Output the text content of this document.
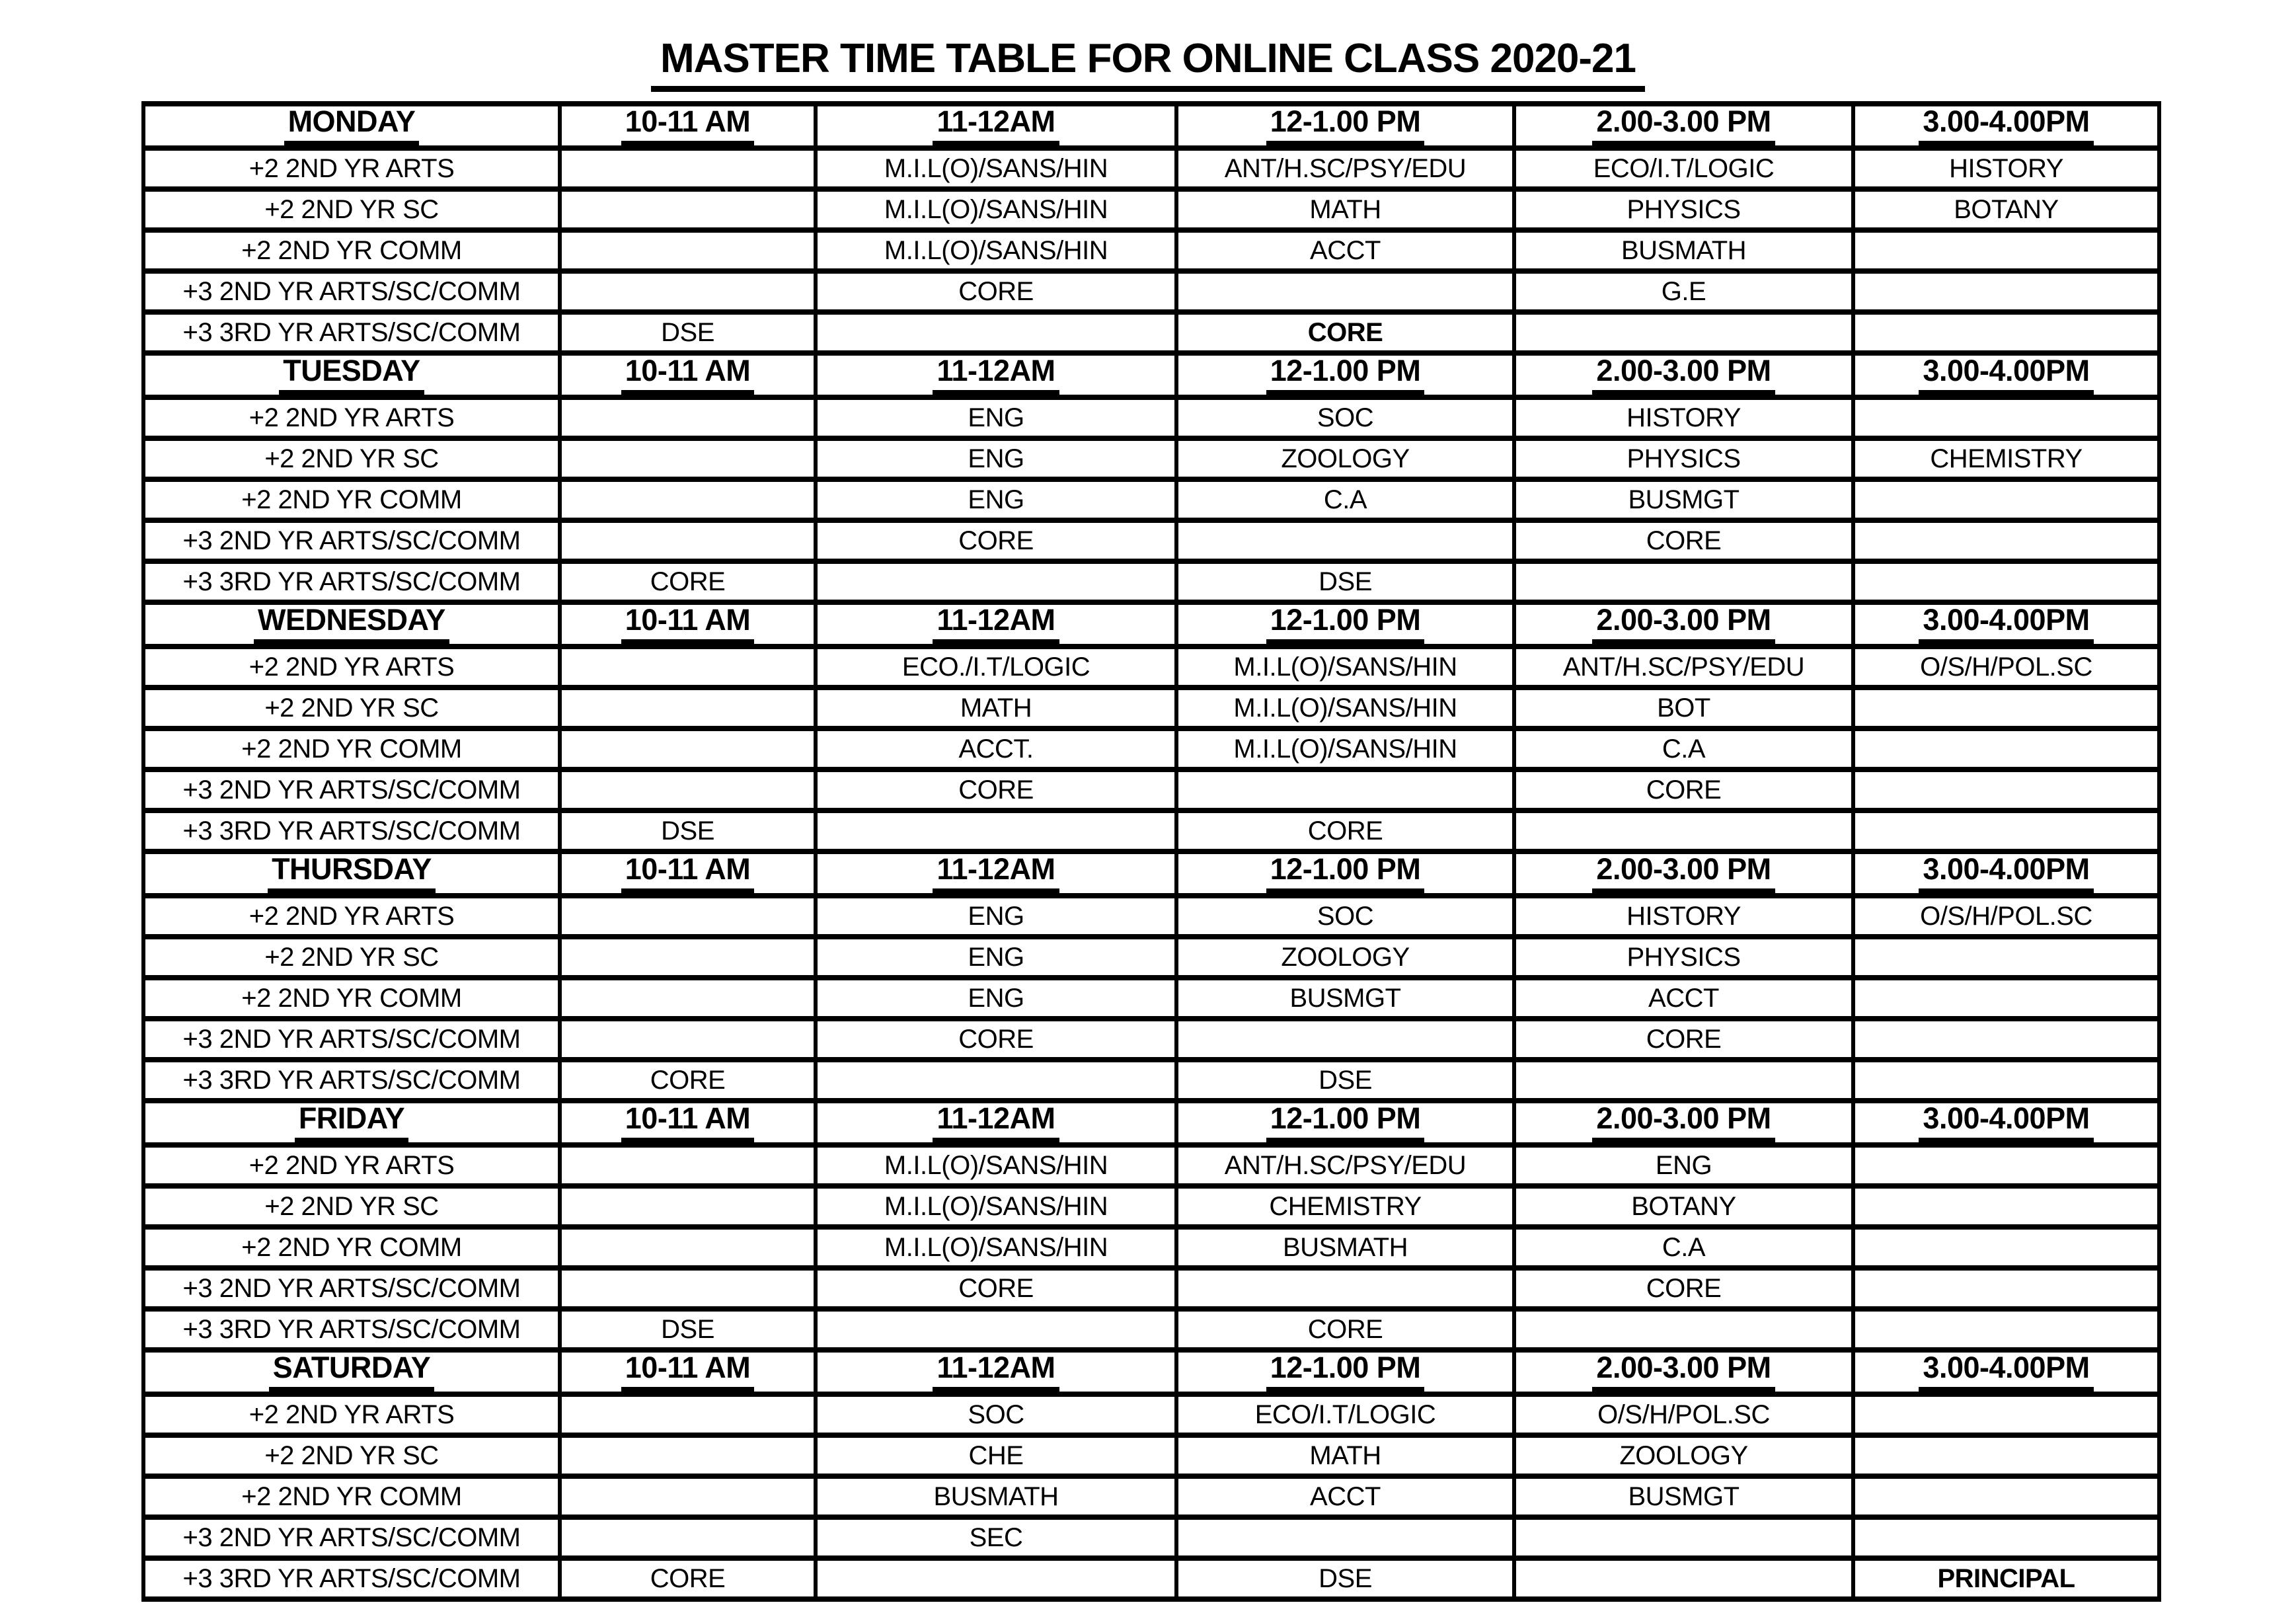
MASTER TIME TABLE FOR ONLINE CLASS 2020-21
MONDAY	10-11 AM	11-12AM	12-1.00 PM	2.00-3.00 PM	3.00-4.00PM
+2 2ND YR ARTS		M.I.L(O)/SANS/HIN	ANT/H.SC/PSY/EDU	ECO/I.T/LOGIC	HISTORY
+2 2ND YR SC		M.I.L(O)/SANS/HIN	MATH	PHYSICS	BOTANY
+2 2ND YR COMM		M.I.L(O)/SANS/HIN	ACCT	BUSMATH	
+3 2ND YR ARTS/SC/COMM		CORE		G.E	
+3 3RD YR ARTS/SC/COMM	DSE		CORE		
TUESDAY	10-11 AM	11-12AM	12-1.00 PM	2.00-3.00 PM	3.00-4.00PM
+2 2ND YR ARTS		ENG	SOC	HISTORY	
+2 2ND YR SC		ENG	ZOOLOGY	PHYSICS	CHEMISTRY
+2 2ND YR COMM		ENG	C.A	BUSMGT	
+3 2ND YR ARTS/SC/COMM		CORE		CORE	
+3 3RD YR ARTS/SC/COMM	CORE		DSE		
WEDNESDAY	10-11 AM	11-12AM	12-1.00 PM	2.00-3.00 PM	3.00-4.00PM
+2 2ND YR ARTS		ECO./I.T/LOGIC	M.I.L(O)/SANS/HIN	ANT/H.SC/PSY/EDU	O/S/H/POL.SC
+2 2ND YR SC		MATH	M.I.L(O)/SANS/HIN	BOT	
+2 2ND YR COMM		ACCT.	M.I.L(O)/SANS/HIN	C.A	
+3 2ND YR ARTS/SC/COMM		CORE		CORE	
+3 3RD YR ARTS/SC/COMM	DSE		CORE		
THURSDAY	10-11 AM	11-12AM	12-1.00 PM	2.00-3.00 PM	3.00-4.00PM
+2 2ND YR ARTS		ENG	SOC	HISTORY	O/S/H/POL.SC
+2 2ND YR SC		ENG	ZOOLOGY	PHYSICS	
+2 2ND YR COMM		ENG	BUSMGT	ACCT	
+3 2ND YR ARTS/SC/COMM		CORE		CORE	
+3 3RD YR ARTS/SC/COMM	CORE		DSE		
FRIDAY	10-11 AM	11-12AM	12-1.00 PM	2.00-3.00 PM	3.00-4.00PM
+2 2ND YR ARTS		M.I.L(O)/SANS/HIN	ANT/H.SC/PSY/EDU	ENG	
+2 2ND YR SC		M.I.L(O)/SANS/HIN	CHEMISTRY	BOTANY	
+2 2ND YR COMM		M.I.L(O)/SANS/HIN	BUSMATH	C.A	
+3 2ND YR ARTS/SC/COMM		CORE		CORE	
+3 3RD YR ARTS/SC/COMM	DSE		CORE		
SATURDAY	10-11 AM	11-12AM	12-1.00 PM	2.00-3.00 PM	3.00-4.00PM
+2 2ND YR ARTS		SOC	ECO/I.T/LOGIC	O/S/H/POL.SC	
+2 2ND YR SC		CHE	MATH	ZOOLOGY	
+2 2ND YR COMM		BUSMATH	ACCT	BUSMGT	
+3 2ND YR ARTS/SC/COMM		SEC			
+3 3RD YR ARTS/SC/COMM	CORE		DSE		PRINCIPAL
